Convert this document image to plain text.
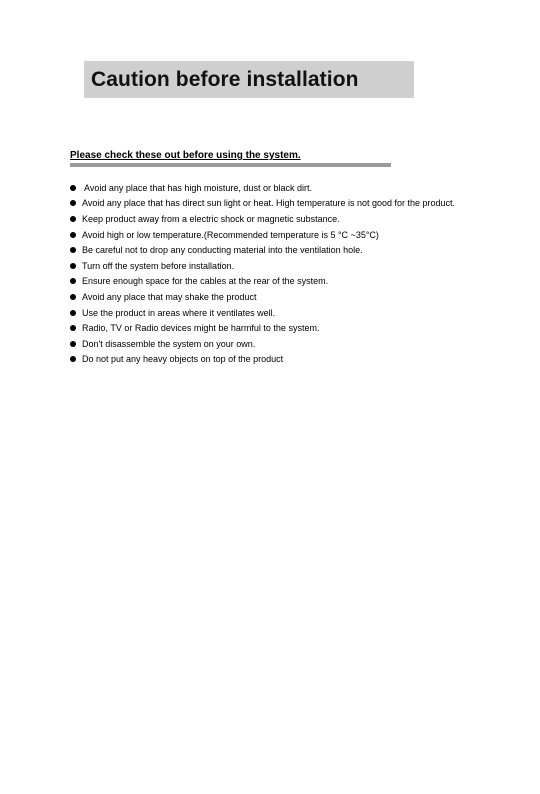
Caution before installation
Please check these out before using the system.
Avoid any place that has high moisture, dust or black dirt.
Avoid any place that has direct sun light or heat. High temperature is not good for the product.
Keep product away from a electric shock or magnetic substance.
Avoid high or low temperature.(Recommended temperature is 5 °C ~35°C)
Be careful not to drop any conducting material into the ventilation hole.
Turn off the system before installation.
Ensure enough space for the cables at the rear of the system.
Avoid any place that may shake the product
Use the product in areas where it ventilates well.
Radio, TV or Radio devices might be harmful to the system.
Don't disassemble the system on your own.
Do not put any heavy objects on top of the product
